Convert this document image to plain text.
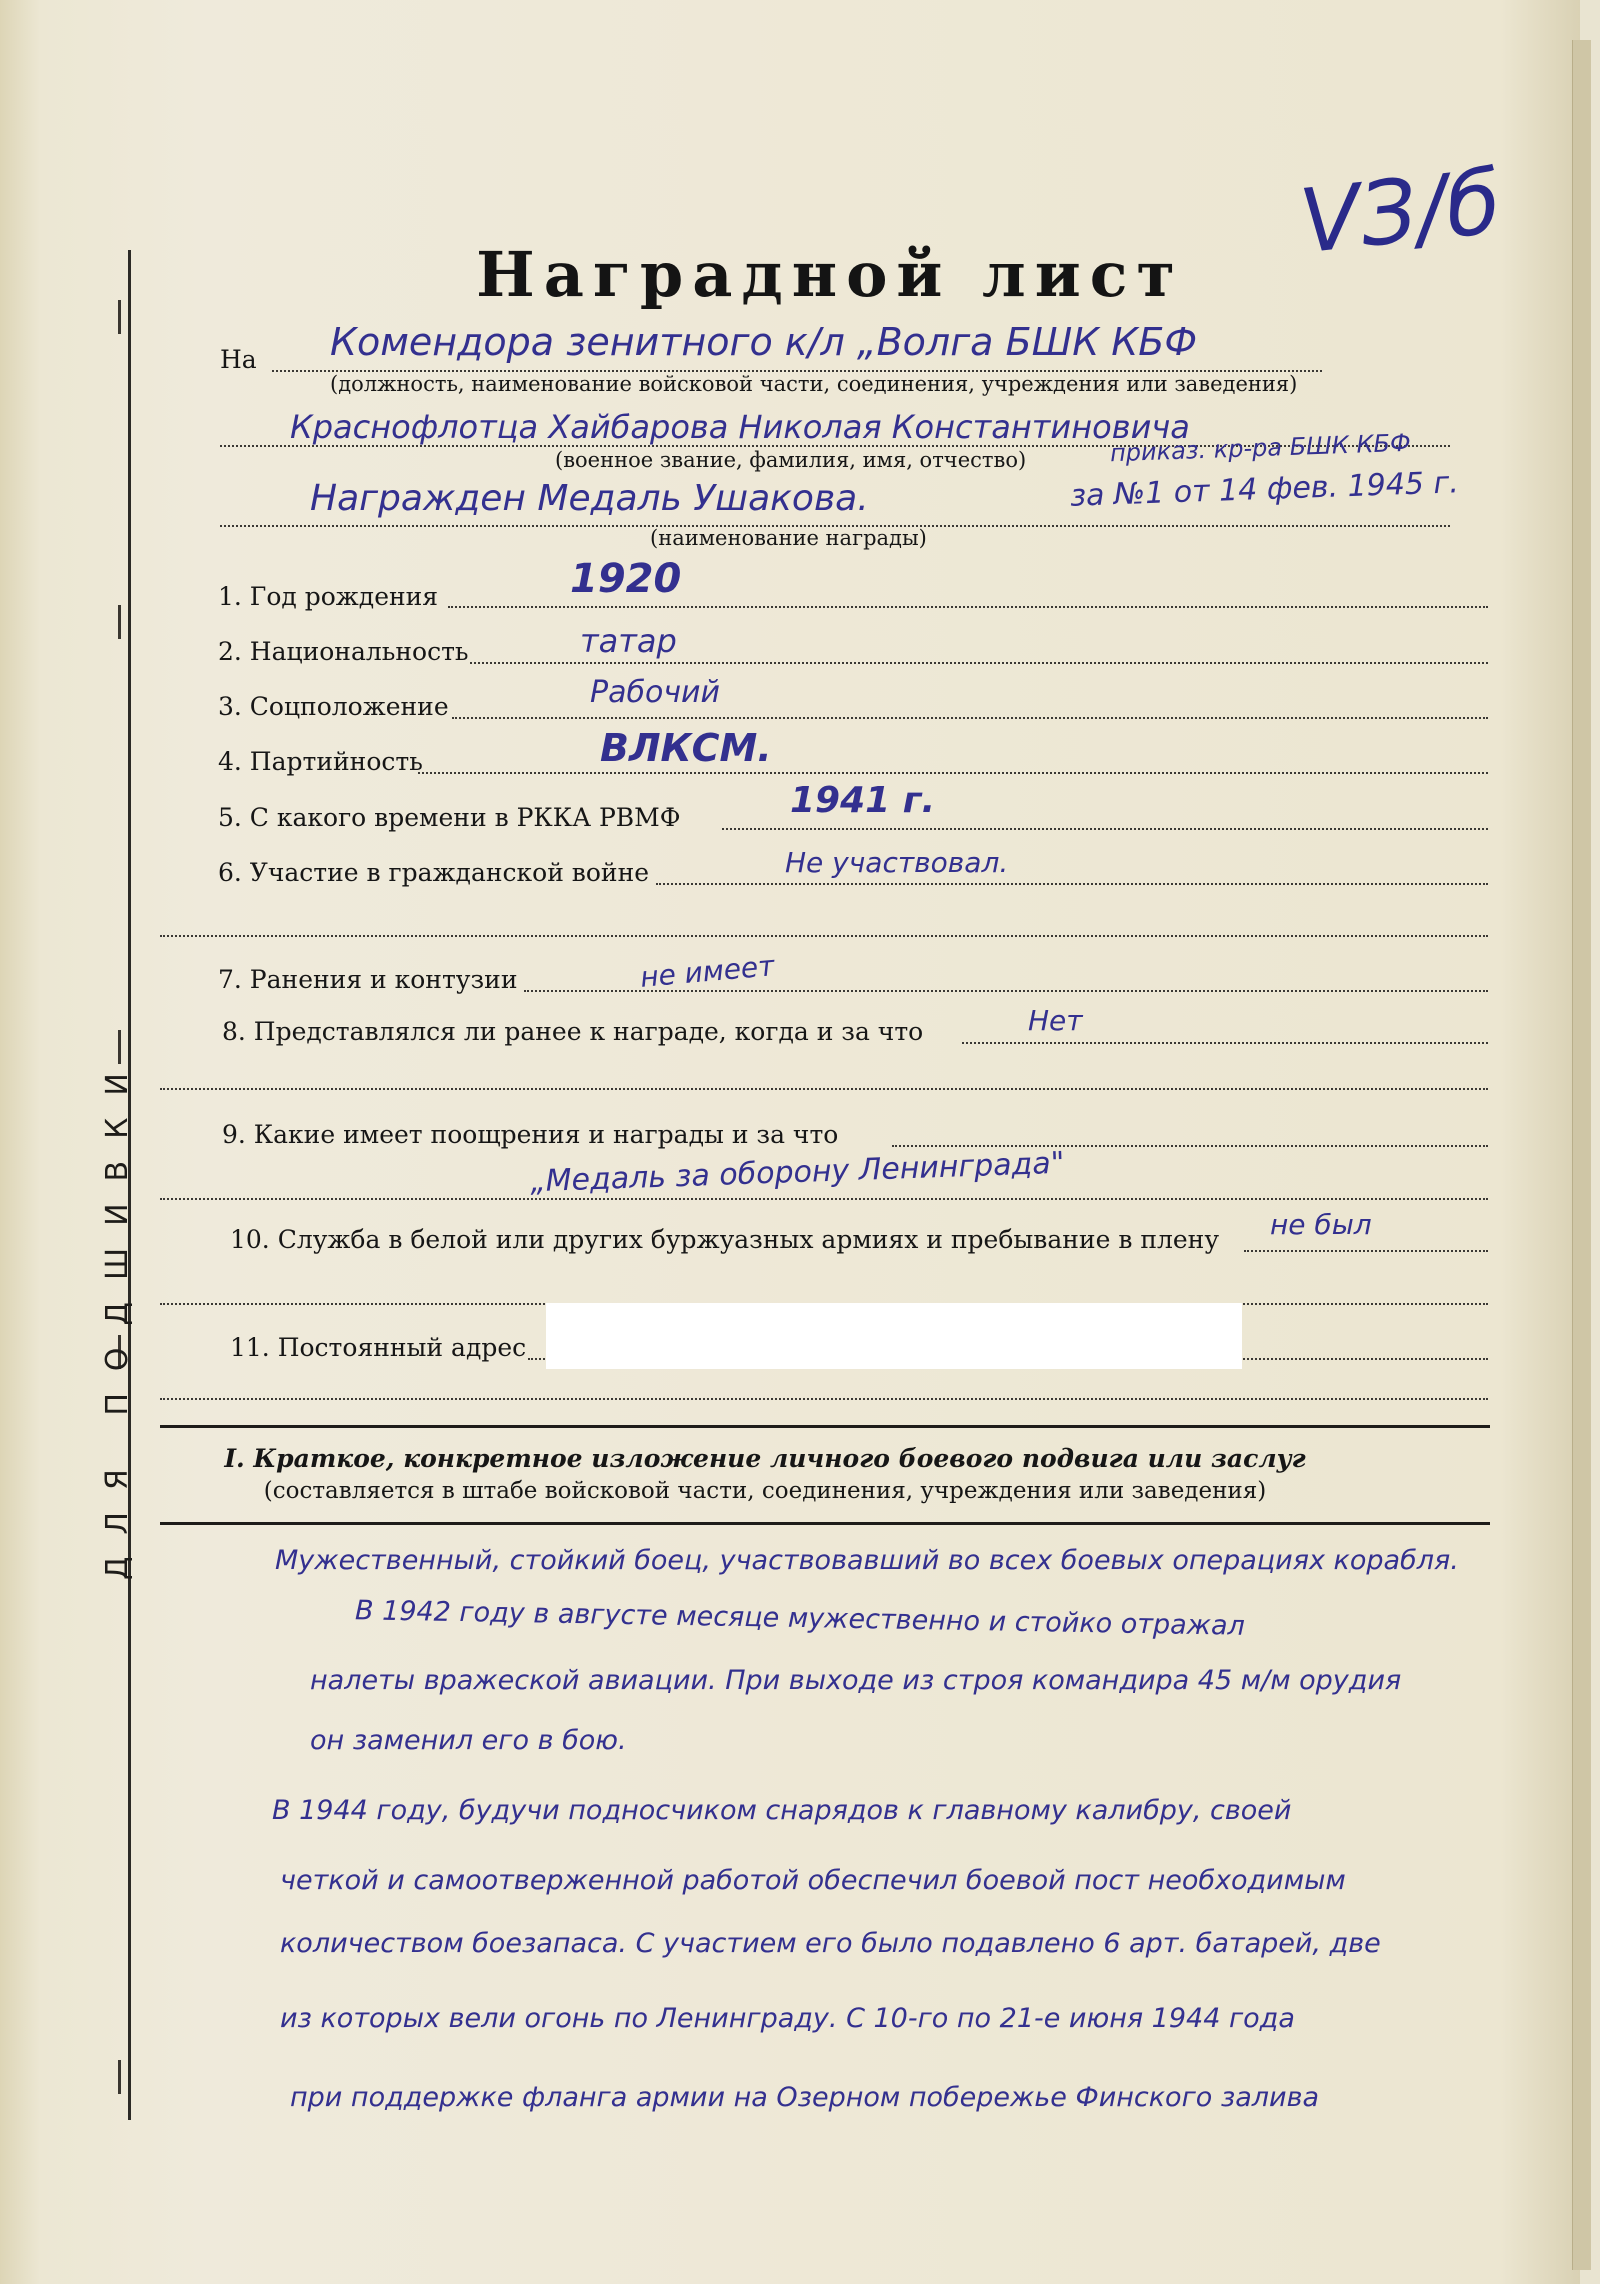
ДЛЯ ПОДШИВКИ
VЗ/б
Наградной лист
На Комендора зенитного к/л „Волга БШК КБФ
(должность, наименование войсковой части, соединения, учреждения или заведения)
Краснофлотца Хайбарова Николая Константиновича
(военное звание, фамилия, имя, отчество)	приказ. кр-ра БШК КБФ
за №1 от 14 фев. 1945 г.
Награжден Медаль Ушакова.
(наименование награды)
1. Год рождения	1920
2. Национальность	татар
3. Соцположение	Рабочий
4. Партийность	ВЛКСМ.
5. С какого времени в РККА РВМФ	1941 г.
6. Участие в гражданской войне	Не участвовал.
7. Ранения и контузии	не имеет
8. Представлялся ли ранее к награде, когда и за что	Нет
9. Какие имеет поощрения и награды и за что
„Медаль за оборону Ленинграда"
10. Служба в белой или других буржуазных армиях и пребывание в плену не был
11. Постоянный адрес
I. Краткое, конкретное изложение личного боевого подвига или заслуг
(составляется в штабе войсковой части, соединения, учреждения или заведения)
Мужественный, стойкий боец, участвовавший во всех боевых операциях корабля.
В 1942 году в августе месяце мужественно и стойко отражал
налеты вражеской авиации. При выходе из строя командира 45 м/м орудия
он заменил его в бою.
В 1944 году, будучи подносчиком снарядов к главному калибру, своей
четкой и самоотверженной работой обеспечил боевой пост необходимым
количеством боезапаса. С участием его было подавлено 6 арт. батарей, две
из которых вели огонь по Ленинграду. С 10-го по 21-е июня 1944 года
при поддержке фланга армии на Озерном побережье Финского залива
